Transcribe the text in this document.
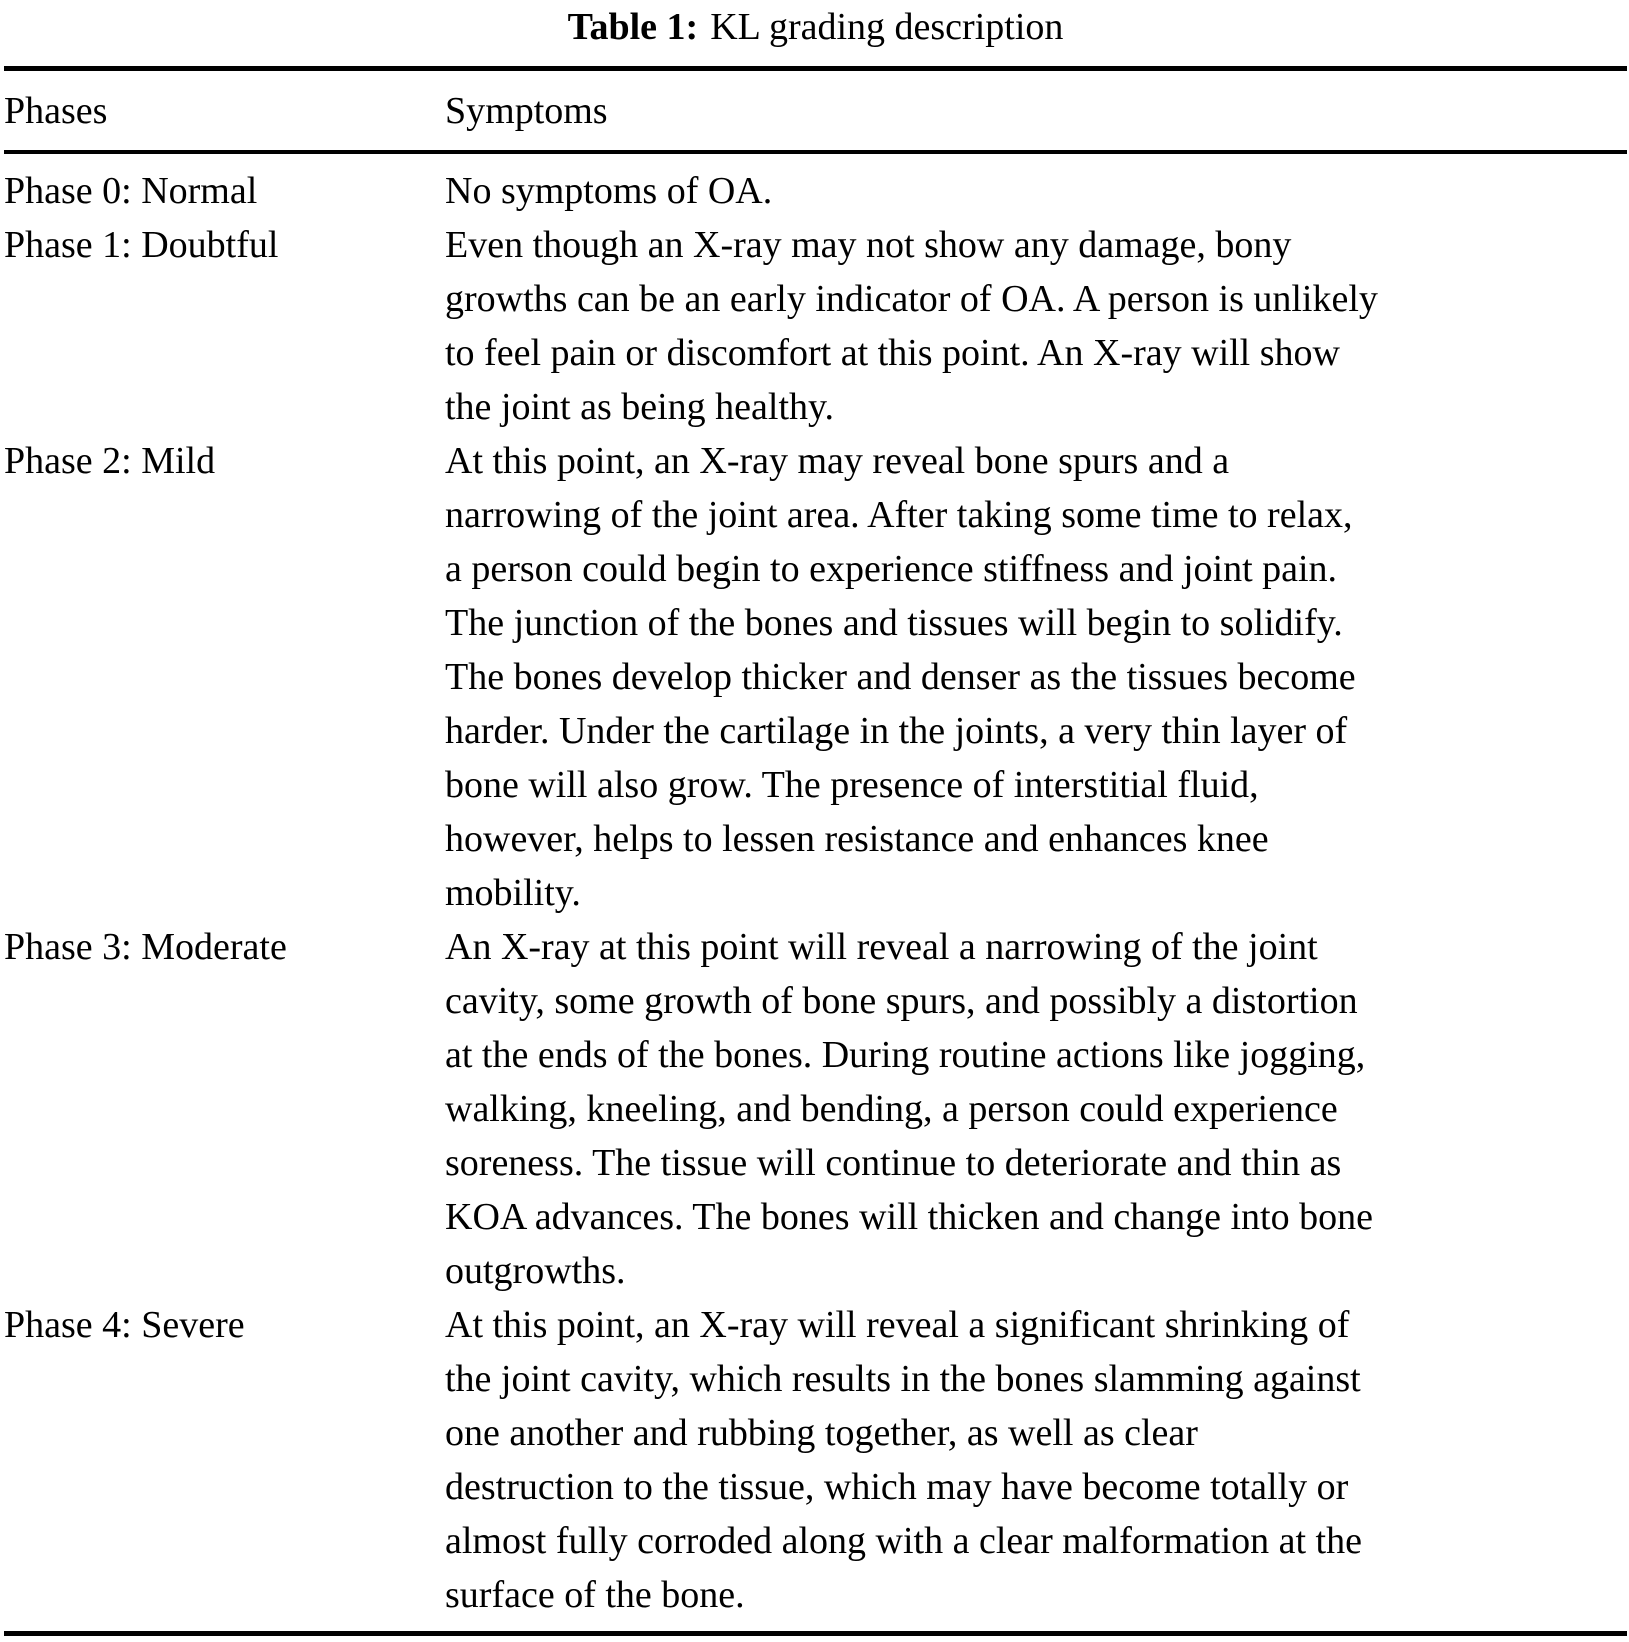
Table 1: KL grading description
Phases	Symptoms
Phase 0: Normal	No symptoms of OA.
Phase 1: Doubtful	Even though an X-ray may not show any damage, bony
growths can be an early indicator of OA. A person is unlikely
to feel pain or discomfort at this point. An X-ray will show
the joint as being healthy.
Phase 2: Mild	At this point, an X-ray may reveal bone spurs and a
narrowing of the joint area. After taking some time to relax,
a person could begin to experience stiffness and joint pain.
The junction of the bones and tissues will begin to solidify.
The bones develop thicker and denser as the tissues become
harder. Under the cartilage in the joints, a very thin layer of
bone will also grow. The presence of interstitial fluid,
however, helps to lessen resistance and enhances knee
mobility.
Phase 3: Moderate	An X-ray at this point will reveal a narrowing of the joint
cavity, some growth of bone spurs, and possibly a distortion
at the ends of the bones. During routine actions like jogging,
walking, kneeling, and bending, a person could experience
soreness. The tissue will continue to deteriorate and thin as
KOA advances. The bones will thicken and change into bone
outgrowths.
Phase 4: Severe	At this point, an X-ray will reveal a significant shrinking of
the joint cavity, which results in the bones slamming against
one another and rubbing together, as well as clear
destruction to the tissue, which may have become totally or
almost fully corroded along with a clear malformation at the
surface of the bone.
